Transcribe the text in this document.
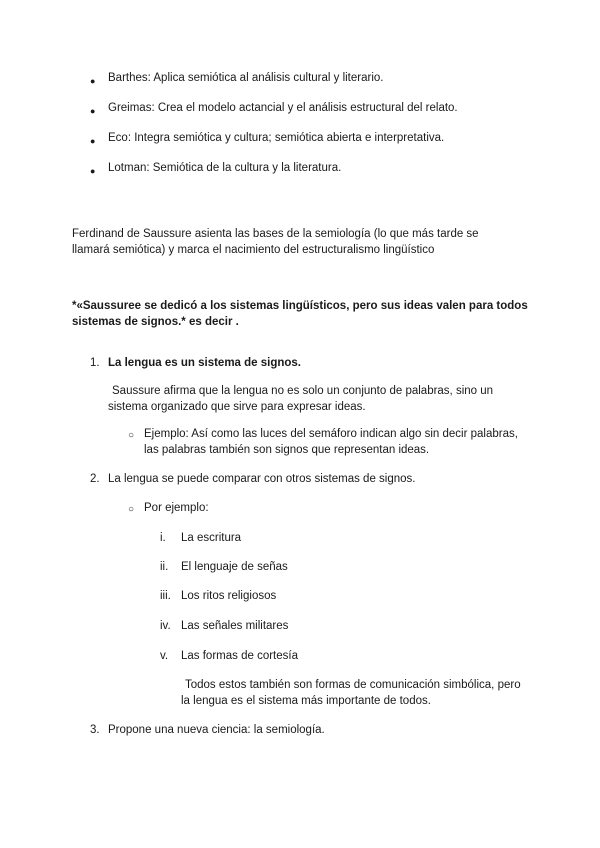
● Barthes: Aplica semiótica al análisis cultural y literario.

● Greimas: Crea el modelo actancial y el análisis estructural del relato.

● Eco: Integra semiótica y cultura; semiótica abierta e interpretativa.

● Lotman: Semiótica de la cultura y la literatura.

Ferdinand de Saussure asienta las bases de la semiología (lo que más tarde se llamará semiótica) y marca el nacimiento del estructuralismo lingüístico

*«Saussuree se dedicó a los sistemas lingüísticos, pero sus ideas valen para todos

sistemas de signos.* es decir .

1. La lengua es un sistema de signos.

Saussure afirma que la lengua no es solo un conjunto de palabras, sino un sistema organizado que sirve para expresar ideas.

○ Ejemplo: Así como las luces del semáforo indican algo sin decir palabras, las palabras también son signos que representan ideas.

2. La lengua se puede comparar con otros sistemas de signos.

○ Por ejemplo:

i. La escritura

ii. El lenguaje de señas

iii. Los ritos religiosos

iv. Las señales militares

v. Las formas de cortesía

Todos estos también son formas de comunicación simbólica, pero la lengua es el sistema más importante de todos.

3. Propone una nueva ciencia: la semiología.
